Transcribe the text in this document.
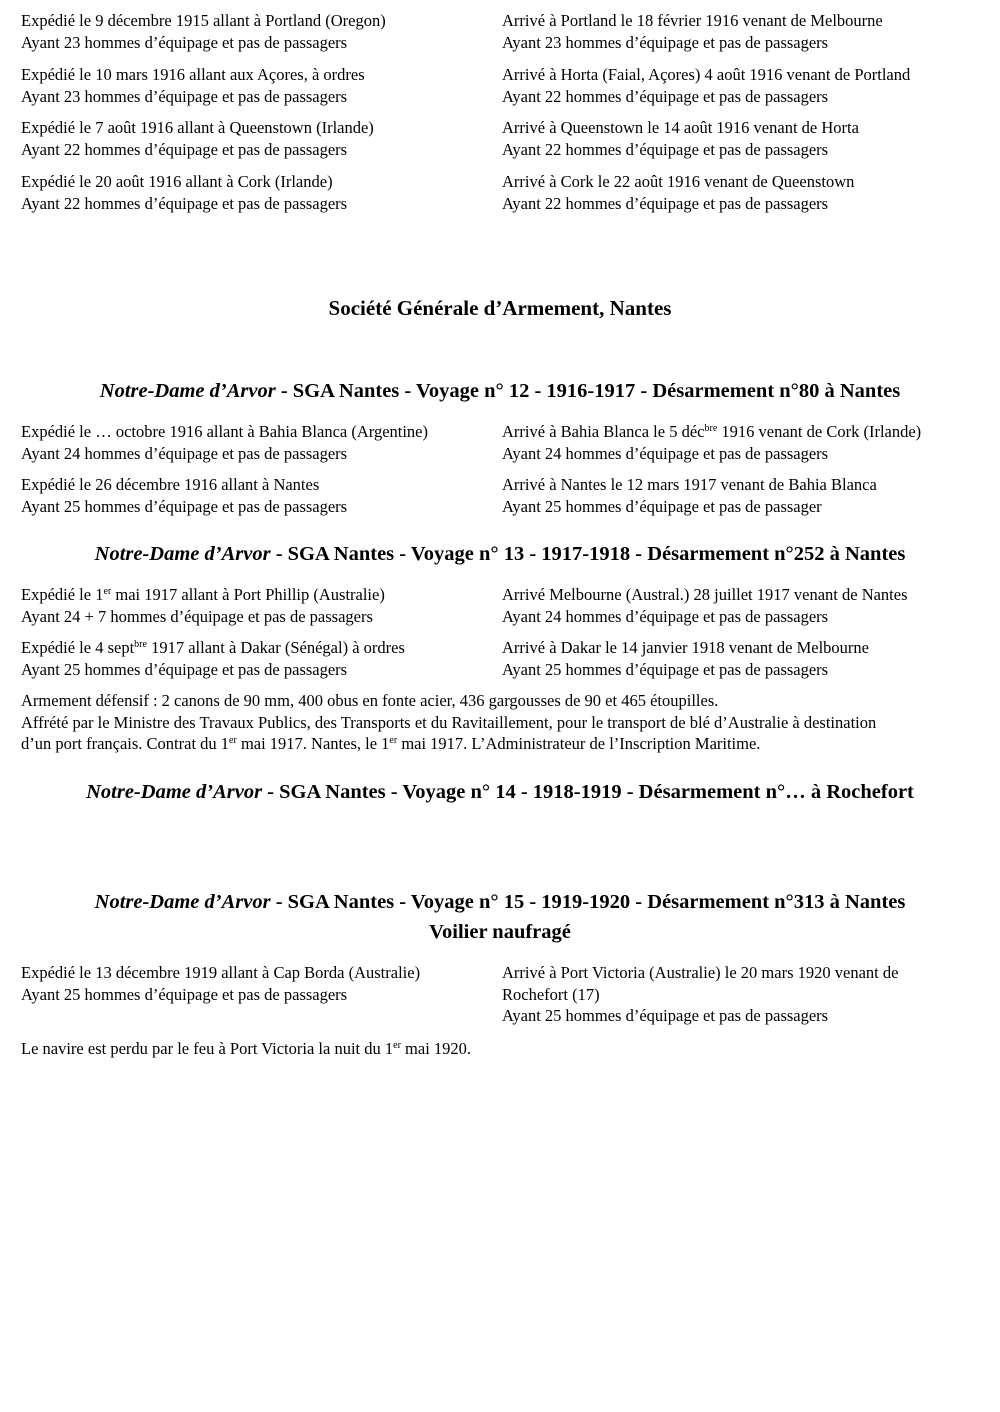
Expédié le 9 décembre 1915 allant à Portland (Oregon)
Ayant 23 hommes d’équipage et pas de passagers
Arrivé à Portland le 18 février 1916 venant de Melbourne
Ayant 23 hommes d’équipage et pas de passagers
Expédié le 10 mars 1916 allant aux Açores, à ordres
Ayant 23 hommes d’équipage et pas de passagers
Arrivé à Horta (Faial, Açores) 4 août 1916 venant de Portland
Ayant 22 hommes d’équipage et pas de passagers
Expédié le 7 août 1916 allant à Queenstown (Irlande)
Ayant 22 hommes d’équipage et pas de passagers
Arrivé à Queenstown le 14 août 1916 venant de Horta
Ayant 22 hommes d’équipage et pas de passagers
Expédié le 20 août 1916 allant à Cork (Irlande)
Ayant 22 hommes d’équipage et pas de passagers
Arrivé à Cork le 22 août 1916 venant de Queenstown
Ayant 22 hommes d’équipage et pas de passagers
Société Générale d’Armement, Nantes
Notre-Dame d’Arvor - SGA Nantes - Voyage n° 12 - 1916-1917 - Désarmement n°80 à Nantes
Expédié le … octobre 1916 allant à Bahia Blanca (Argentine)
Ayant 24 hommes d’équipage et pas de passagers
Arrivé à Bahia Blanca le 5 déc$^{bre}$ 1916 venant de Cork (Irlande)
Ayant 24 hommes d’équipage et pas de passagers
Expédié le 26 décembre 1916 allant à Nantes
Ayant 25 hommes d’équipage et pas de passagers
Arrivé à Nantes le 12 mars 1917 venant de Bahia Blanca
Ayant 25 hommes d’équipage et pas de passager
Notre-Dame d’Arvor - SGA Nantes - Voyage n° 13 - 1917-1918 - Désarmement n°252 à Nantes
Expédié le 1er mai 1917 allant à Port Phillip (Australie)
Ayant 24 + 7 hommes d’équipage et pas de passagers
Arrivé Melbourne (Austral.) 28 juillet 1917 venant de Nantes
Ayant 24 hommes d’équipage et pas de passagers
Expédié le 4 sept$^{bre}$ 1917 allant à Dakar (Sénégal) à ordres
Ayant 25 hommes d’équipage et pas de passagers
Arrivé à Dakar le 14 janvier 1918 venant de Melbourne
Ayant 25 hommes d’équipage et pas de passagers
Armement défensif : 2 canons de 90 mm, 400 obus en fonte acier, 436 gargousses de 90 et 465 étoupilles.
Affrété par le Ministre des Travaux Publics, des Transports et du Ravitaillement, pour le transport de blé d’Australie à destination
d’un port français. Contrat du 1er mai 1917. Nantes, le 1er mai 1917. L’Administrateur de l’Inscription Maritime.
Notre-Dame d’Arvor - SGA Nantes - Voyage n° 14 - 1918-1919 - Désarmement n°… à Rochefort
Notre-Dame d’Arvor - SGA Nantes - Voyage n° 15 - 1919-1920 - Désarmement n°313 à Nantes
Voilier naufragé
Expédié le 13 décembre 1919 allant à Cap Borda (Australie)
Ayant 25 hommes d’équipage et pas de passagers
Arrivé à Port Victoria (Australie) le 20 mars 1920 venant de
Rochefort (17)
Ayant 25 hommes d’équipage et pas de passagers
Le navire est perdu par le feu à Port Victoria la nuit du 1er mai 1920.
